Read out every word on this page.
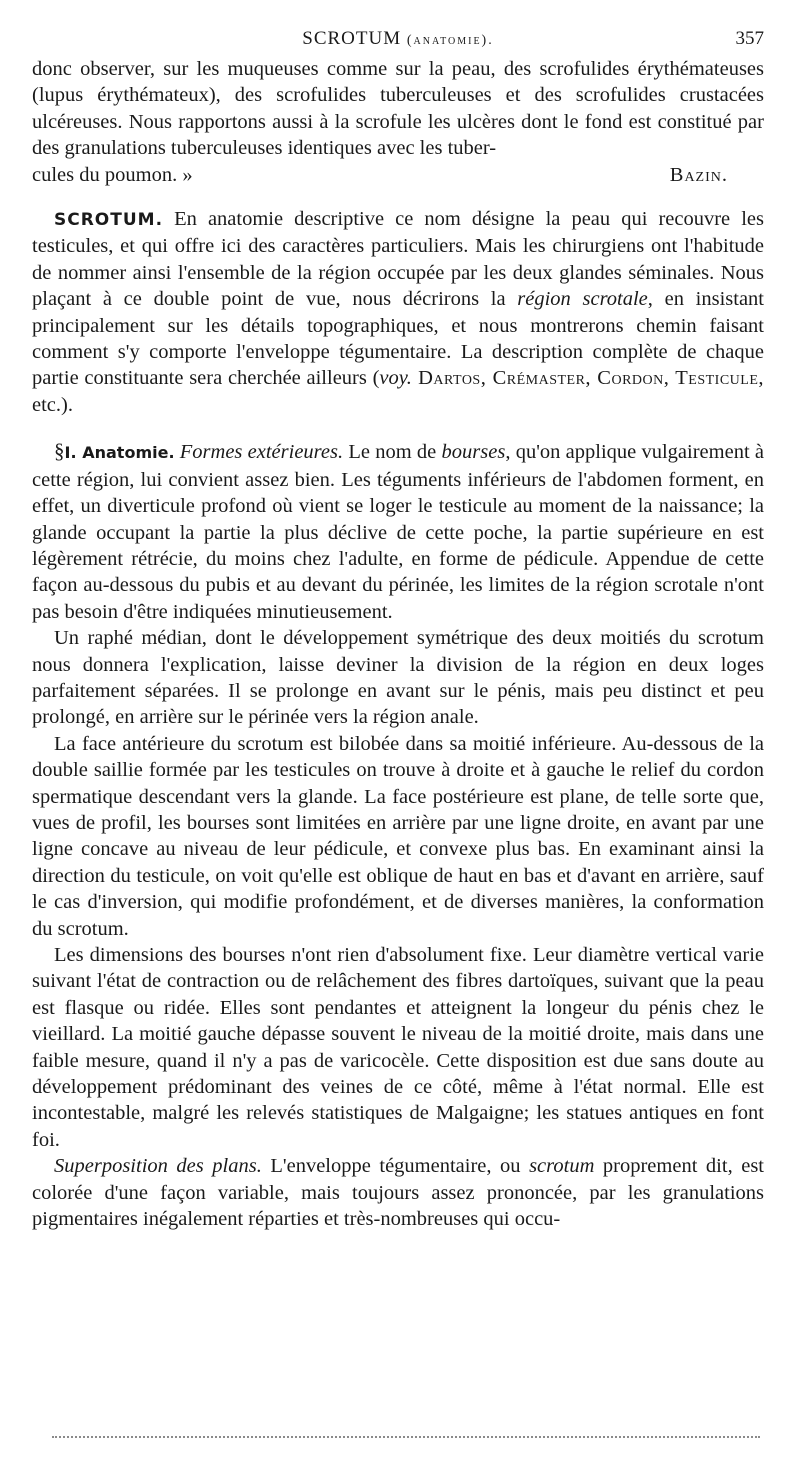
SCROTUM (anatomie).	357

donc observer, sur les muqueuses comme sur la peau, des scrofulides érythémateuses (lupus érythémateux), des scrofulides tuberculeuses et des scrofulides crustacées ulcéreuses. Nous rapportons aussi à la scrofule les ulcères dont le fond est constitué par des granulations tuberculeuses identiques avec les tuber-

cules du poumon. »	Bazin.

SCROTUM. En anatomie descriptive ce nom désigne la peau qui recouvre les testicules, et qui offre ici des caractères particuliers. Mais les chirurgiens ont l'habitude de nommer ainsi l'ensemble de la région occupée par les deux glandes séminales. Nous plaçant à ce double point de vue, nous décrirons la région scrotale, en insistant principalement sur les détails topographiques, et nous montrerons chemin faisant comment s'y comporte l'enveloppe tégumentaire. La description complète de chaque partie constituante sera cherchée ailleurs (voy. Dartos, Crémaster, Cordon, Testicule, etc.).

§I. Anatomie. Formes extérieures. Le nom de bourses, qu'on applique vulgairement à cette région, lui convient assez bien. Les téguments inférieurs de l'abdomen forment, en effet, un diverticule profond où vient se loger le testicule au moment de la naissance; la glande occupant la partie la plus déclive de cette poche, la partie supérieure en est légèrement rétrécie, du moins chez l'adulte, en forme de pédicule. Appendue de cette façon au-dessous du pubis et au devant du périnée, les limites de la région scrotale n'ont pas besoin d'être indiquées minutieusement.

Un raphé médian, dont le développement symétrique des deux moitiés du scrotum nous donnera l'explication, laisse deviner la division de la région en deux loges parfaitement séparées. Il se prolonge en avant sur le pénis, mais peu distinct et peu prolongé, en arrière sur le périnée vers la région anale.

La face antérieure du scrotum est bilobée dans sa moitié inférieure. Au-dessous de la double saillie formée par les testicules on trouve à droite et à gauche le relief du cordon spermatique descendant vers la glande. La face postérieure est plane, de telle sorte que, vues de profil, les bourses sont limitées en arrière par une ligne droite, en avant par une ligne concave au niveau de leur pédicule, et convexe plus bas. En examinant ainsi la direction du testicule, on voit qu'elle est oblique de haut en bas et d'avant en arrière, sauf le cas d'inversion, qui modifie profondément, et de diverses manières, la conformation du scrotum.

Les dimensions des bourses n'ont rien d'absolument fixe. Leur diamètre vertical varie suivant l'état de contraction ou de relâchement des fibres dartoïques, suivant que la peau est flasque ou ridée. Elles sont pendantes et atteignent la longeur du pénis chez le vieillard. La moitié gauche dépasse souvent le niveau de la moitié droite, mais dans une faible mesure, quand il n'y a pas de varicocèle. Cette disposition est due sans doute au développement prédominant des veines de ce côté, même à l'état normal. Elle est incontestable, malgré les relevés statistiques de Malgaigne; les statues antiques en font foi.

Superposition des plans. L'enveloppe tégumentaire, ou scrotum proprement dit, est colorée d'une façon variable, mais toujours assez prononcée, par les granulations pigmentaires inégalement réparties et très-nombreuses qui occu-
